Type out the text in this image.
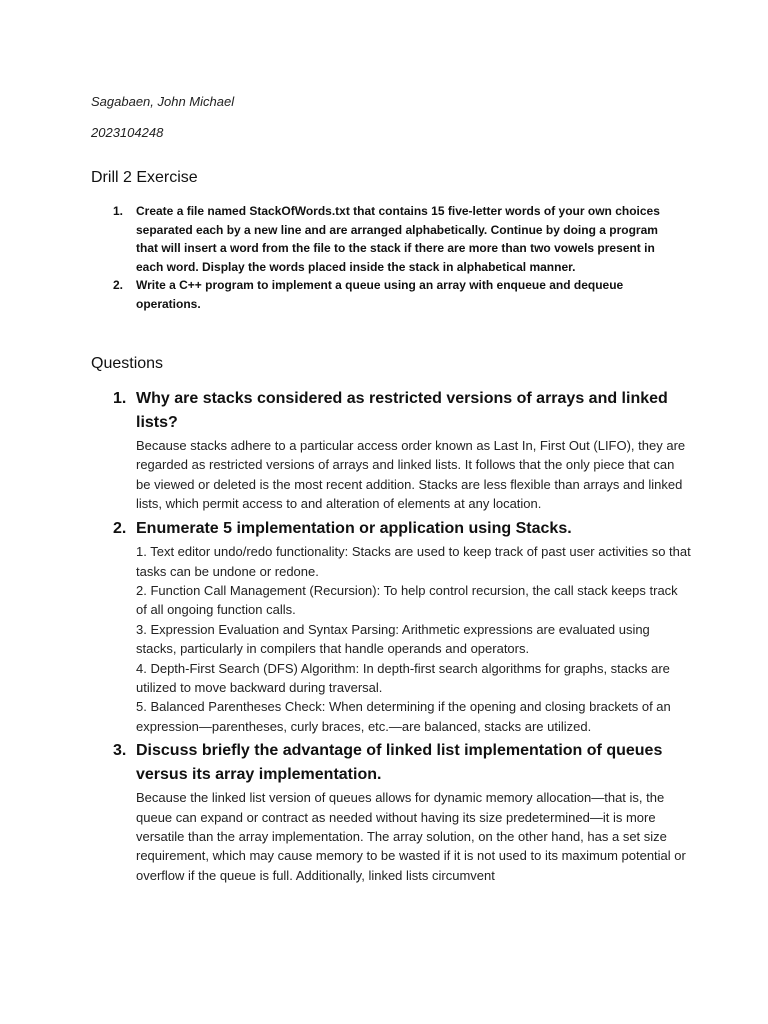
Sagabaen, John Michael
2023104248
Drill 2 Exercise
1. Create a file named StackOfWords.txt that contains 15 five-letter words of your own choices separated each by a new line and are arranged alphabetically. Continue by doing a program that will insert a word from the file to the stack if there are more than two vowels present in each word. Display the words placed inside the stack in alphabetical manner.
2. Write a C++ program to implement a queue using an array with enqueue and dequeue operations.
Questions
1. Why are stacks considered as restricted versions of arrays and linked lists?
Because stacks adhere to a particular access order known as Last In, First Out (LIFO), they are regarded as restricted versions of arrays and linked lists. It follows that the only piece that can be viewed or deleted is the most recent addition. Stacks are less flexible than arrays and linked lists, which permit access to and alteration of elements at any location.
2. Enumerate 5 implementation or application using Stacks.
1. Text editor undo/redo functionality: Stacks are used to keep track of past user activities so that tasks can be undone or redone.
2. Function Call Management (Recursion): To help control recursion, the call stack keeps track of all ongoing function calls.
3. Expression Evaluation and Syntax Parsing: Arithmetic expressions are evaluated using stacks, particularly in compilers that handle operands and operators.
4. Depth-First Search (DFS) Algorithm: In depth-first search algorithms for graphs, stacks are utilized to move backward during traversal.
5. Balanced Parentheses Check: When determining if the opening and closing brackets of an expression—parentheses, curly braces, etc.—are balanced, stacks are utilized.
3. Discuss briefly the advantage of linked list implementation of queues versus its array implementation.
Because the linked list version of queues allows for dynamic memory allocation—that is, the queue can expand or contract as needed without having its size predetermined—it is more versatile than the array implementation. The array solution, on the other hand, has a set size requirement, which may cause memory to be wasted if it is not used to its maximum potential or overflow if the queue is full. Additionally, linked lists circumvent
